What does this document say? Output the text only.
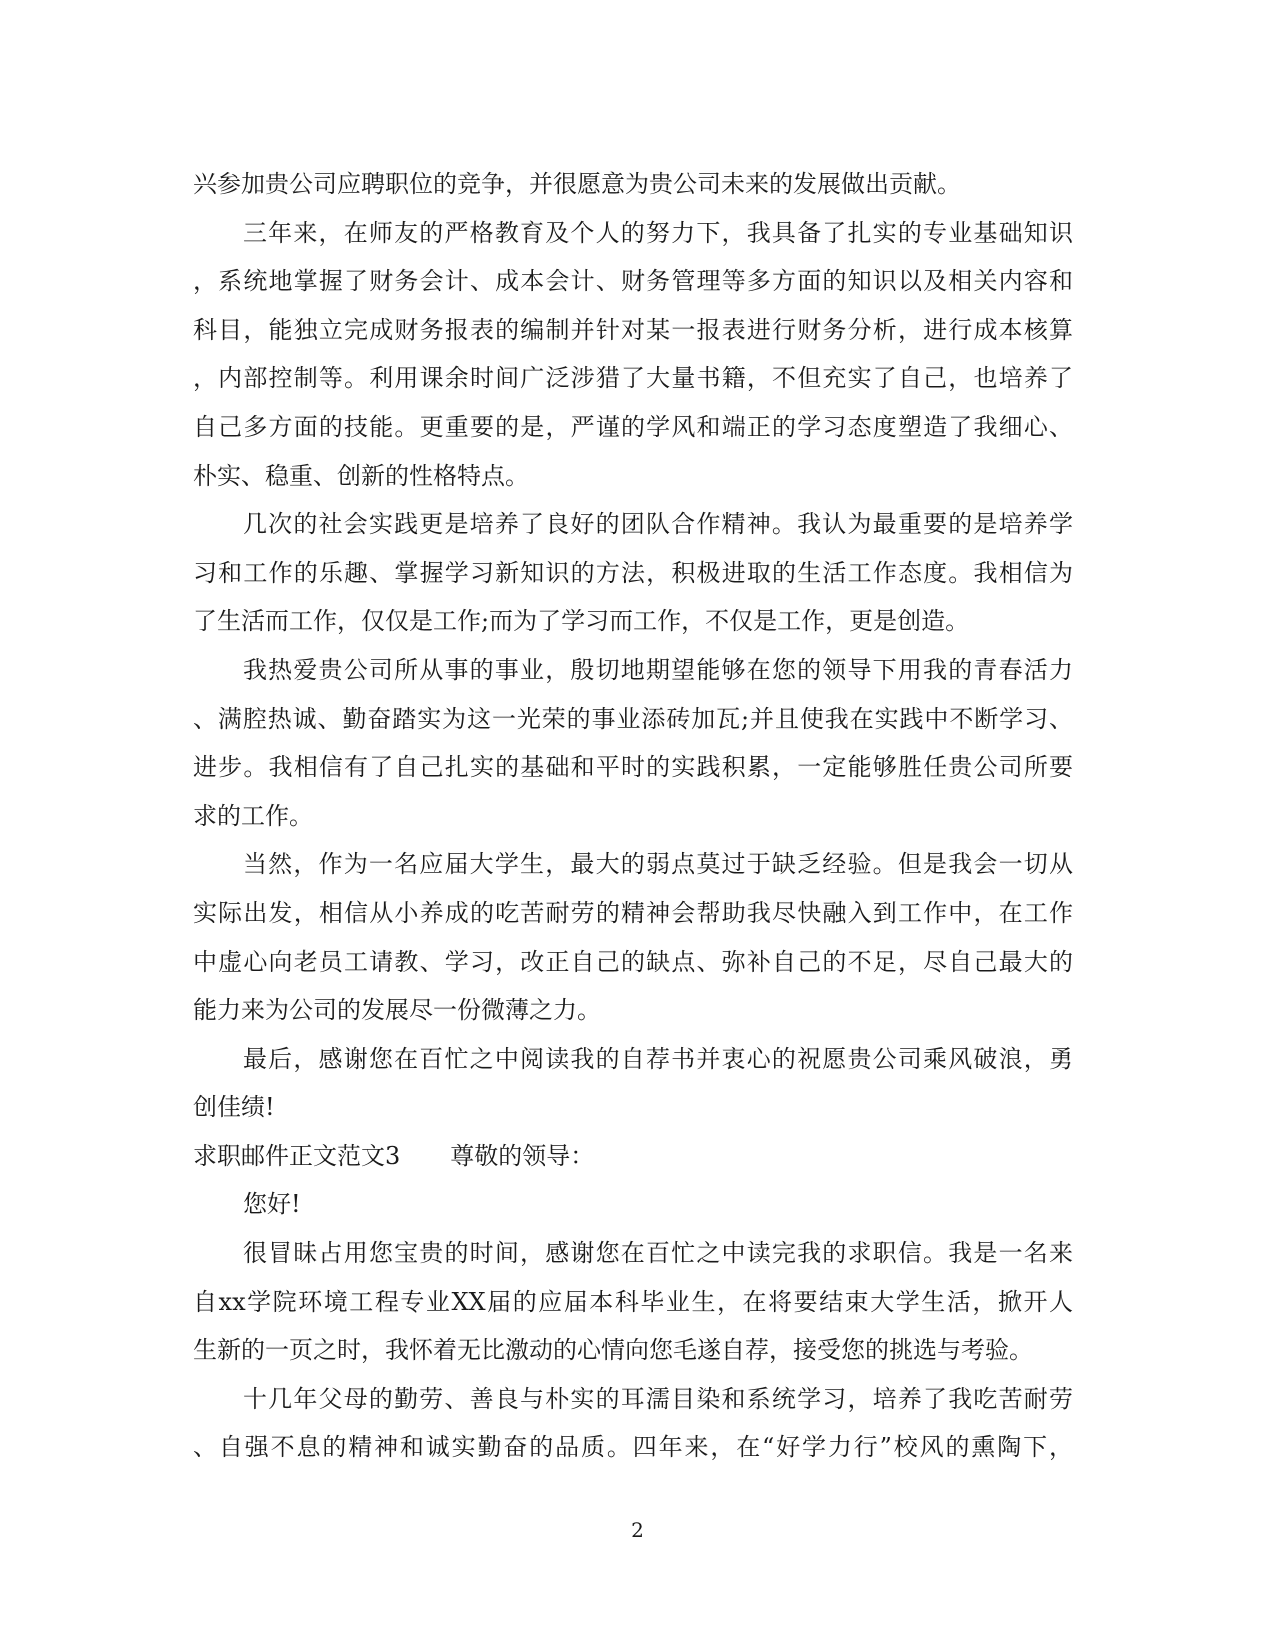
兴参加贵公司应聘职位的竞争，并很愿意为贵公司未来的发展做出贡献。
三年来，在师友的严格教育及个人的努力下，我具备了扎实的专业基础知识
，系统地掌握了财务会计、成本会计、财务管理等多方面的知识以及相关内容和
科目，能独立完成财务报表的编制并针对某一报表进行财务分析，进行成本核算
，内部控制等。利用课余时间广泛涉猎了大量书籍，不但充实了自己，也培养了
自己多方面的技能。更重要的是，严谨的学风和端正的学习态度塑造了我细心、
朴实、稳重、创新的性格特点。
几次的社会实践更是培养了良好的团队合作精神。我认为最重要的是培养学
习和工作的乐趣、掌握学习新知识的方法，积极进取的生活工作态度。我相信为
了生活而工作，仅仅是工作;而为了学习而工作，不仅是工作，更是创造。
我热爱贵公司所从事的事业，殷切地期望能够在您的领导下用我的青春活力
、满腔热诚、勤奋踏实为这一光荣的事业添砖加瓦;并且使我在实践中不断学习、
进步。我相信有了自己扎实的基础和平时的实践积累，一定能够胜任贵公司所要
求的工作。
当然，作为一名应届大学生，最大的弱点莫过于缺乏经验。但是我会一切从
实际出发，相信从小养成的吃苦耐劳的精神会帮助我尽快融入到工作中，在工作
中虚心向老员工请教、学习，改正自己的缺点、弥补自己的不足，尽自己最大的
能力来为公司的发展尽一份微薄之力。
最后，感谢您在百忙之中阅读我的自荐书并衷心的祝愿贵公司乘风破浪，勇
创佳绩!
求职邮件正文范文3 尊敬的领导：
您好!
很冒昧占用您宝贵的时间，感谢您在百忙之中读完我的求职信。我是一名来
自xx学院环境工程专业XX届的应届本科毕业生，在将要结束大学生活，掀开人
生新的一页之时，我怀着无比激动的心情向您毛遂自荐，接受您的挑选与考验。
十几年父母的勤劳、善良与朴实的耳濡目染和系统学习，培养了我吃苦耐劳
、自强不息的精神和诚实勤奋的品质。四年来，在“好学力行”校风的熏陶下，
2
